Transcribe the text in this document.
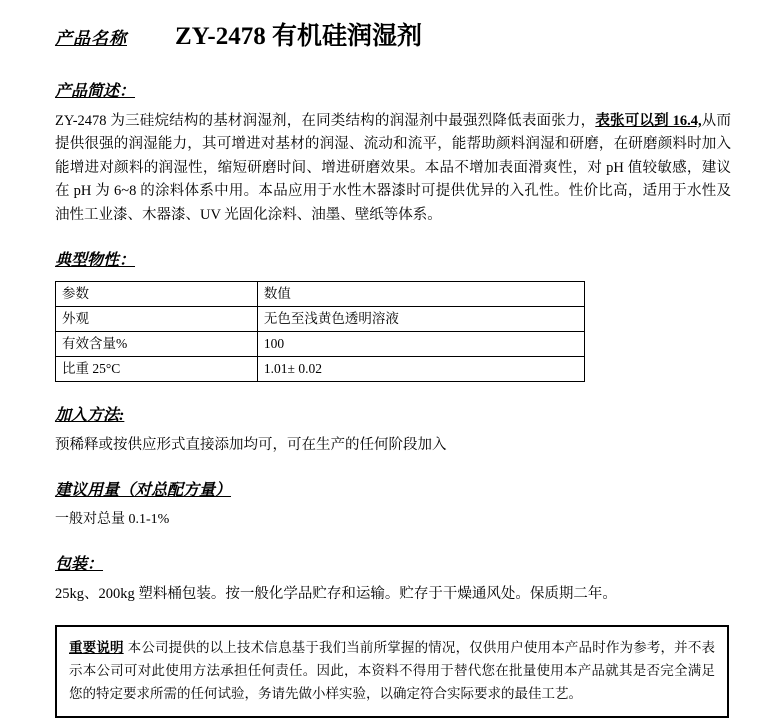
产品名称 ZY-2478 有机硅润湿剂
产品简述：

ZY-2478 为三硅烷结构的基材润湿剂，在同类结构的润湿剂中最强烈降低表面张力，表张可以到 16.4,从而提供很强的润湿能力，其可增进对基材的润湿、流动和流平，能帮助颜料润湿和研磨，在研磨颜料时加入能增进对颜料的润湿性，缩短研磨时间、增进研磨效果。本品不增加表面滑爽性，对 pH 值较敏感，建议在 pH 为 6~8 的涂料体系中用。本品应用于水性木器漆时可提供优异的入孔性。性价比高，适用于水性及油性工业漆、木器漆、UV 光固化涂料、油墨、壁纸等体系。

典型物性：
参数	数值
外观	无色至浅黄色透明溶液
有效含量%	100
比重 25°C	1.01± 0.02
加入方法:

预稀释或按供应形式直接添加均可，可在生产的任何阶段加入

建议用量（对总配方量）

一般对总量 0.1-1%

包装：

25kg、200kg 塑料桶包装。按一般化学品贮存和运输。贮存于干燥通风处。保质期二年。

重要说明 本公司提供的以上技术信息基于我们当前所掌握的情况，仅供用户使用本产品时作为参考，并不表示本公司可对此使用方法承担任何责任。因此，本资料不得用于替代您在批量使用本产品就其是否完全满足您的特定要求所需的任何试验，务请先做小样实验，以确定符合实际要求的最佳工艺。
